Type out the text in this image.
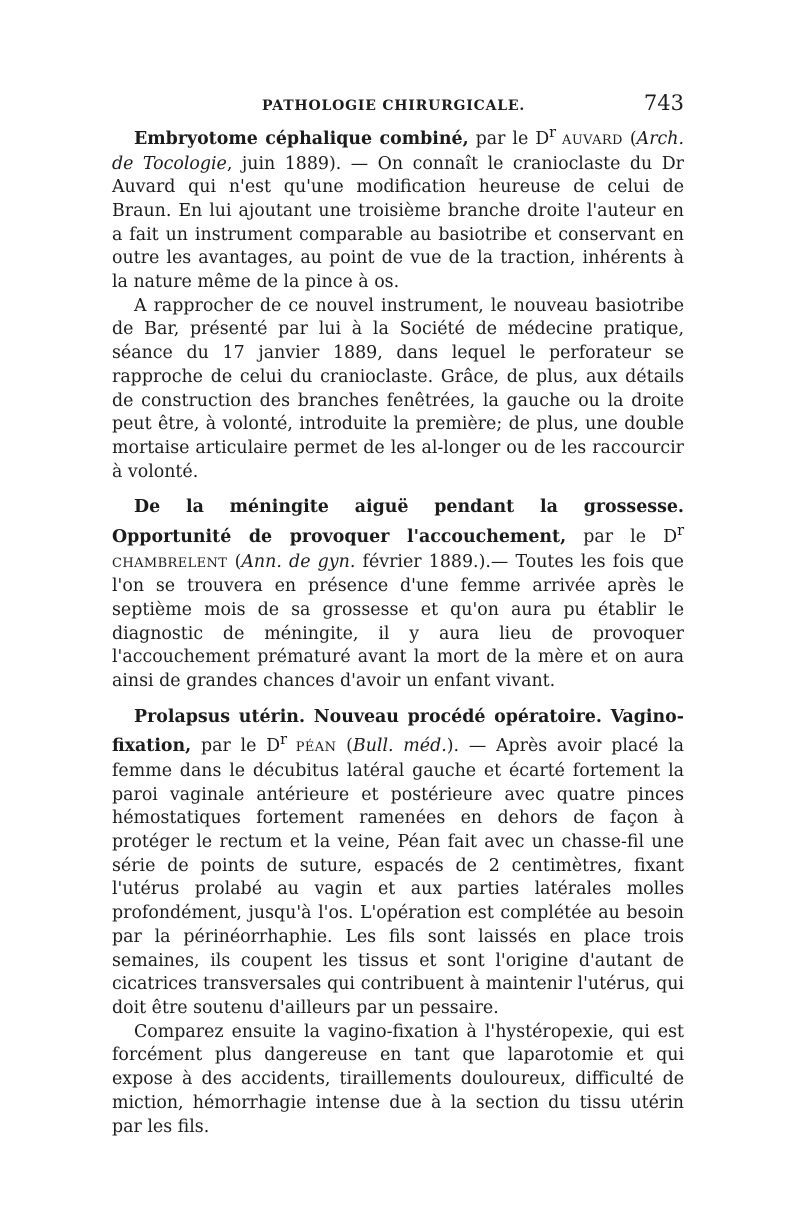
PATHOLOGIE CHIRURGICALE.	743

Embryotome céphalique combiné, par le $D^r$ AUVARD (Arch. de Tocologie, juin 1889). — On connaît le cranioclaste du Dr Auvard qui n'est qu'une modification heureuse de celui de Braun. En lui ajoutant une troisième branche droite l'auteur en a fait un instrument comparable au basiotribe et conservant en outre les avantages, au point de vue de la traction, inhérents à la nature même de la pince à os.

A rapprocher de ce nouvel instrument, le nouveau basiotribe de Bar, présenté par lui à la Société de médecine pratique, séance du 17 janvier 1889, dans lequel le perforateur se rapproche de celui du cranioclaste. Grâce, de plus, aux détails de construction des branches fenêtrées, la gauche ou la droite peut être, à volonté, introduite la première; de plus, une double mortaise articulaire permet de les al-longer ou de les raccourcir à volonté.

De la méningite aiguë pendant la grossesse. Opportunité de provoquer l'accouchement, par le $D^r$ CHAMBRELENT (Ann. de gyn. février 1889.).— Toutes les fois que l'on se trouvera en présence d'une femme arrivée après le septième mois de sa grossesse et qu'on aura pu établir le diagnostic de méningite, il y aura lieu de provoquer l'accouchement prématuré avant la mort de la mère et on aura ainsi de grandes chances d'avoir un enfant vivant.

Prolapsus utérin. Nouveau procédé opératoire. Vagino-fixation, par le $D^r$ PÉAN (Bull. méd.). — Après avoir placé la femme dans le décubitus latéral gauche et écarté fortement la paroi vaginale antérieure et postérieure avec quatre pinces hémostatiques fortement ramenées en dehors de façon à protéger le rectum et la veine, Péan fait avec un chasse-fil une série de points de suture, espacés de 2 centimètres, fixant l'utérus prolabé au vagin et aux parties latérales molles profondément, jusqu'à l'os. L'opération est complétée au besoin par la périnéorrhaphie. Les fils sont laissés en place trois semaines, ils coupent les tissus et sont l'origine d'autant de cicatrices transversales qui contribuent à maintenir l'utérus, qui doit être soutenu d'ailleurs par un pessaire.

Comparez ensuite la vagino-fixation à l'hystéropexie, qui est forcément plus dangereuse en tant que laparotomie et qui expose à des accidents, tiraillements douloureux, difficulté de miction, hémorrhagie intense due à la section du tissu utérin par les fils.
